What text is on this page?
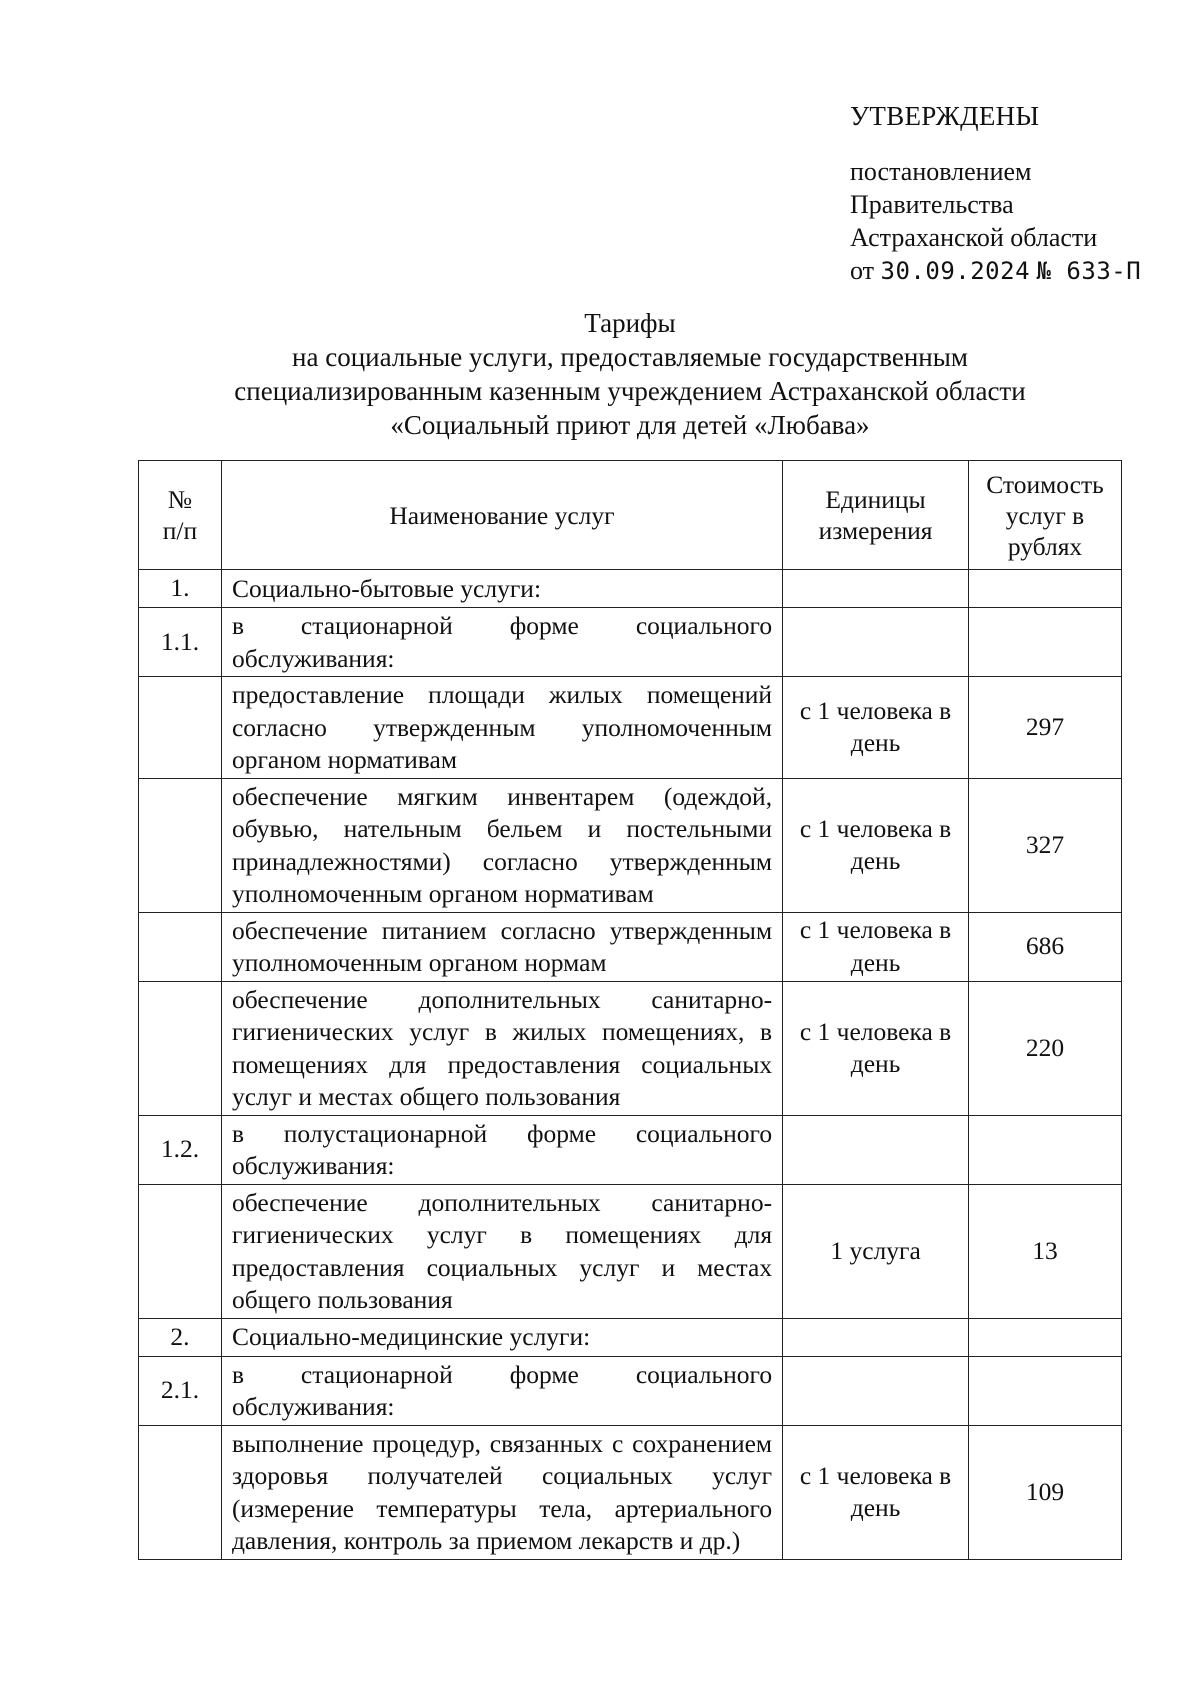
УТВЕРЖДЕНЫ
постановлением
Правительства
Астраханской области
от 30.09.2024 № 633-П
Тарифы
на социальные услуги, предоставляемые государственным
специализированным казенным учреждением Астраханской области
«Социальный приют для детей «Любава»
№ п/п	Наименование услуг	Единицы измерения	Стоимость услуг в рублях
1.	Социально-бытовые услуги:		
1.1.	в стационарной форме социального обслуживания:		
	предоставление площади жилых помещений согласно утвержденным уполномоченным органом нормативам	с 1 человека в день	297
	обеспечение мягким инвентарем (одеждой, обувью, нательным бельем и постельными принадлежностями) согласно утвержденным уполномоченным органом нормативам	с 1 человека в день	327
	обеспечение питанием согласно утвержденным уполномоченным органом нормам	с 1 человека в день	686
	обеспечение дополнительных санитарно-гигиенических услуг в жилых помещениях, в помещениях для предоставления социальных услуг и местах общего пользования	с 1 человека в день	220
1.2.	в полустационарной форме социального обслуживания:		
	обеспечение дополнительных санитарно-гигиенических услуг в помещениях для предоставления социальных услуг и местах общего пользования	1 услуга	13
2.	Социально-медицинские услуги:		
2.1.	в стационарной форме социального обслуживания:		
	выполнение процедур, связанных с сохранением здоровья получателей социальных услуг (измерение температуры тела, артериального давления, контроль за приемом лекарств и др.)	с 1 человека в день	109
